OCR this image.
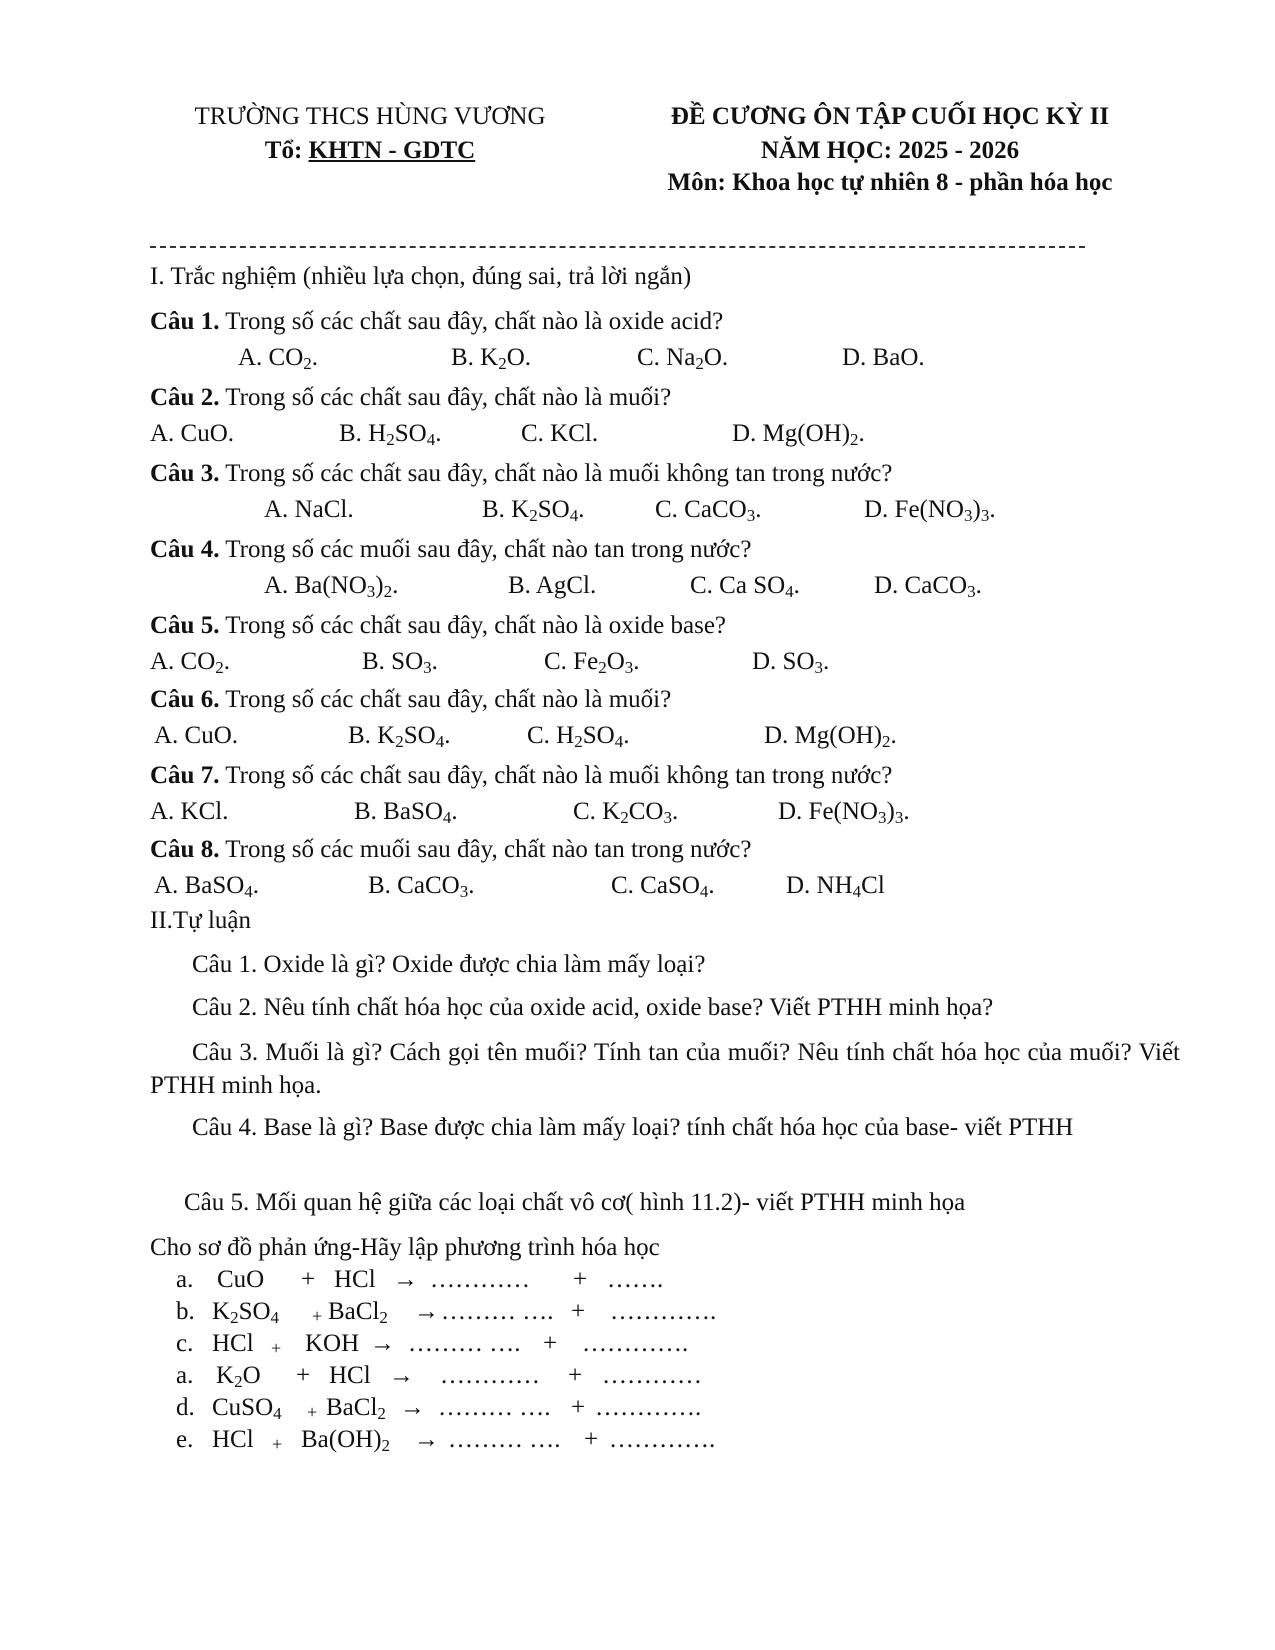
TRƯỜNG THCS HÙNG VƯƠNG
Tổ: KHTN - GDTC
ĐỀ CƯƠNG ÔN TẬP CUỐI HỌC KỲ II
NĂM HỌC: 2025 - 2026
Môn: Khoa học tự nhiên 8 - phần hóa học
I. Trắc nghiệm (nhiều lựa chọn, đúng sai, trả lời ngắn)
Câu 1. Trong số các chất sau đây, chất nào là oxide acid?
A. $CO_2$.	B. $K_2O$.	C. $Na_2O$.	D. BaO.
Câu 2. Trong số các chất sau đây, chất nào là muối?
A. CuO.	B. $H_2SO_4$.	C. KCl.	D. $Mg(OH)_2$.
Câu 3. Trong số các chất sau đây, chất nào là muối không tan trong nước?
A. NaCl.	B. $K_2SO_4$.	C. CaCO$_3$.	D. $Fe(NO_3)_3$.
Câu 4. Trong số các muối sau đây, chất nào tan trong nước?
A. $Ba(NO_3)_2$.	B. AgCl.	C. Ca $SO_4$.	D. CaCO$_3$.
Câu 5. Trong số các chất sau đây, chất nào là oxide base?
A. $CO_2$.	B. $SO_3$.	C. $Fe_2O_3$.	D. $SO_3$.
Câu 6. Trong số các chất sau đây, chất nào là muối?
A. CuO.	B. $K_2SO_4$.	C. $H_2SO_4$.	D. $Mg(OH)_2$.
Câu 7. Trong số các chất sau đây, chất nào là muối không tan trong nước?
A. KCl.	B. BaSO$_4$.	C. $K_2CO_3$.	D. $Fe(NO_3)_3$.
Câu 8. Trong số các muối sau đây, chất nào tan trong nước?
A. BaSO$_4$.	B. CaCO$_3$.	C. CaSO$_4$.	D. $NH_4Cl$
II.Tự luận
Câu 1. Oxide là gì? Oxide được chia làm mấy loại?
Câu 2. Nêu tính chất hóa học của oxide acid, oxide base? Viết PTHH minh họa?
Câu 3. Muối là gì? Cách gọi tên muối? Tính tan của muối? Nêu tính chất hóa học của muối? Viết PTHH minh họa.
Câu 4. Base là gì? Base được chia làm mấy loại? tính chất hóa học của base- viết PTHH
Câu 5. Mối quan hệ giữa các loại chất vô cơ( hình 11.2)- viết PTHH minh họa
Cho sơ đồ phản ứng-Hãy lập phương trình hóa học
a. CuO + HCl → ………… + …….
b. $K_2SO_4$ + BaCl$_2$ → ……… …. + ………….
c. HCl + KOH → ……… …. + ………….
a. $K_2O$ + HCl → ………… + …………
d. CuSO$_4$ + BaCl$_2$ → ……… …. + ………….
e. HCl + $Ba(OH)_2$ → ……… …. + ………….
